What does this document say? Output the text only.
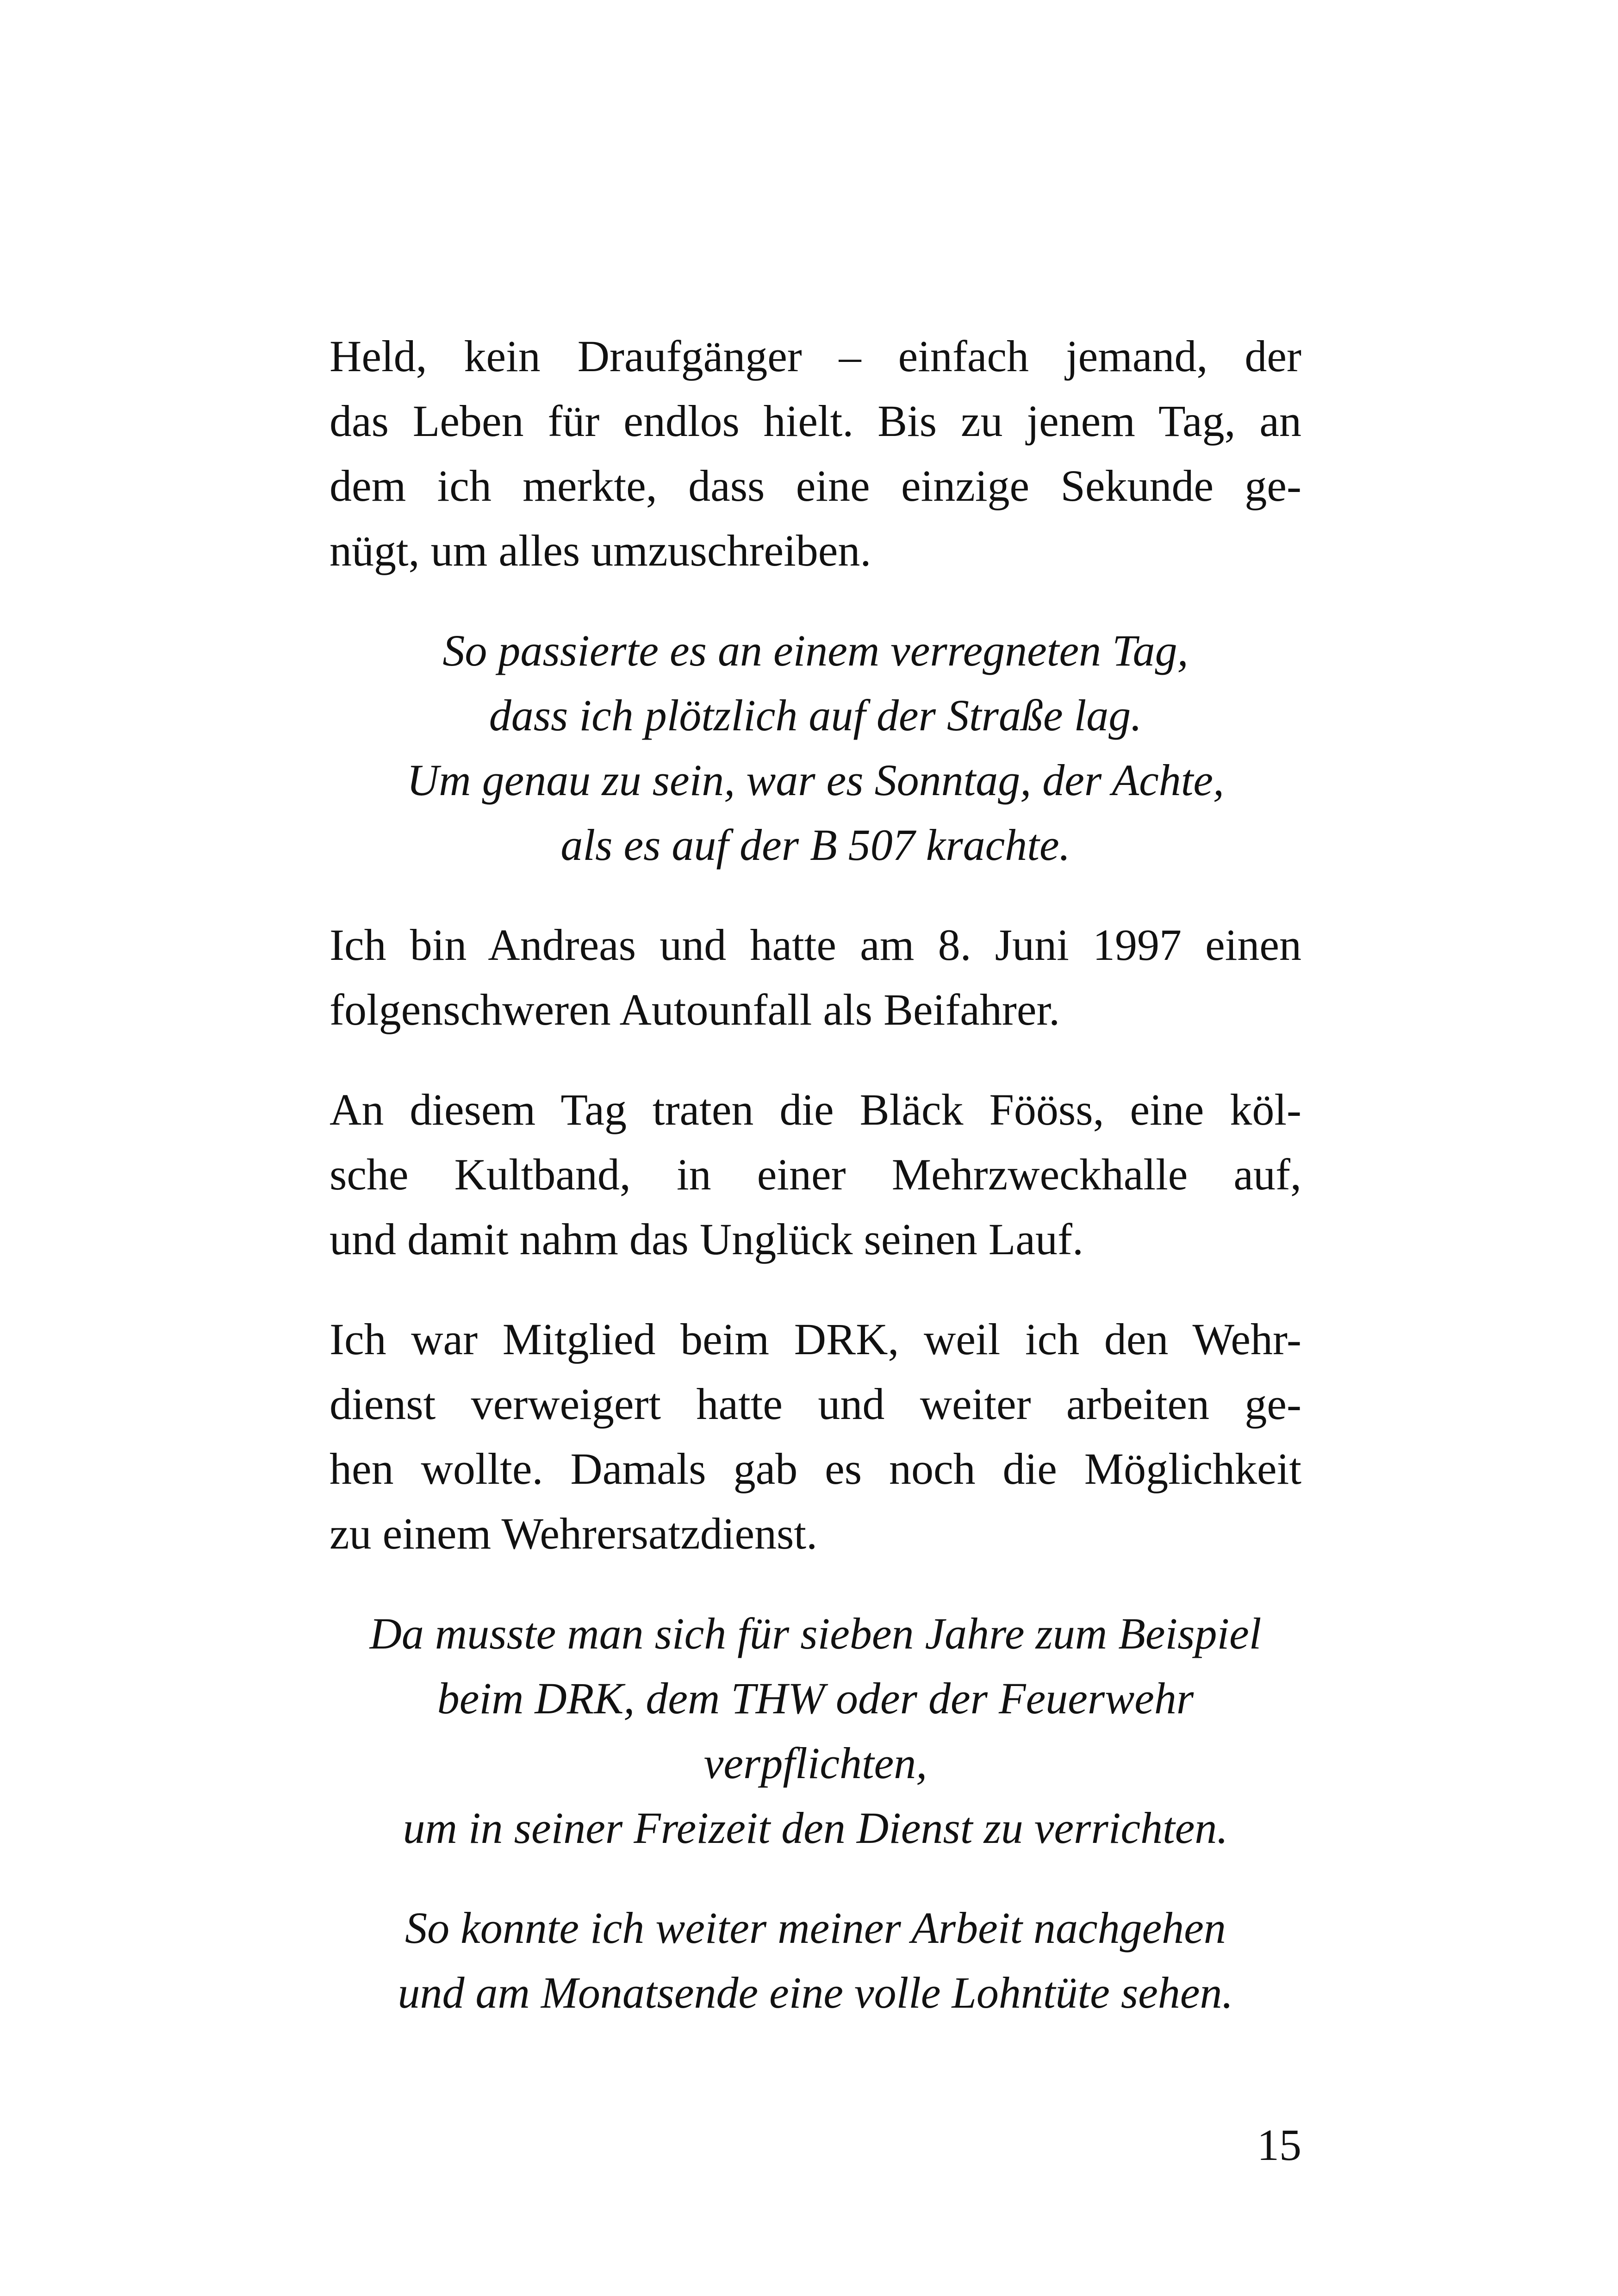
Held, kein Draufgänger – einfach jemand, der
das Leben für endlos hielt. Bis zu jenem Tag, an
dem ich merkte, dass eine einzige Sekunde ge-
nügt, um alles umzuschreiben.

So passierte es an einem verregneten Tag,
dass ich plötzlich auf der Straße lag.
Um genau zu sein, war es Sonntag, der Achte,
als es auf der B 507 krachte.

Ich bin Andreas und hatte am 8. Juni 1997 einen
folgenschweren Autounfall als Beifahrer.

An diesem Tag traten die Bläck Fööss, eine köl-
sche Kultband, in einer Mehrzweckhalle auf,
und damit nahm das Unglück seinen Lauf.

Ich war Mitglied beim DRK, weil ich den Wehr-
dienst verweigert hatte und weiter arbeiten ge-
hen wollte. Damals gab es noch die Möglichkeit
zu einem Wehrersatzdienst.

Da musste man sich für sieben Jahre zum Beispiel
beim DRK, dem THW oder der Feuerwehr
verpflichten,
um in seiner Freizeit den Dienst zu verrichten.
So konnte ich weiter meiner Arbeit nachgehen
und am Monatsende eine volle Lohntüte sehen.
15
